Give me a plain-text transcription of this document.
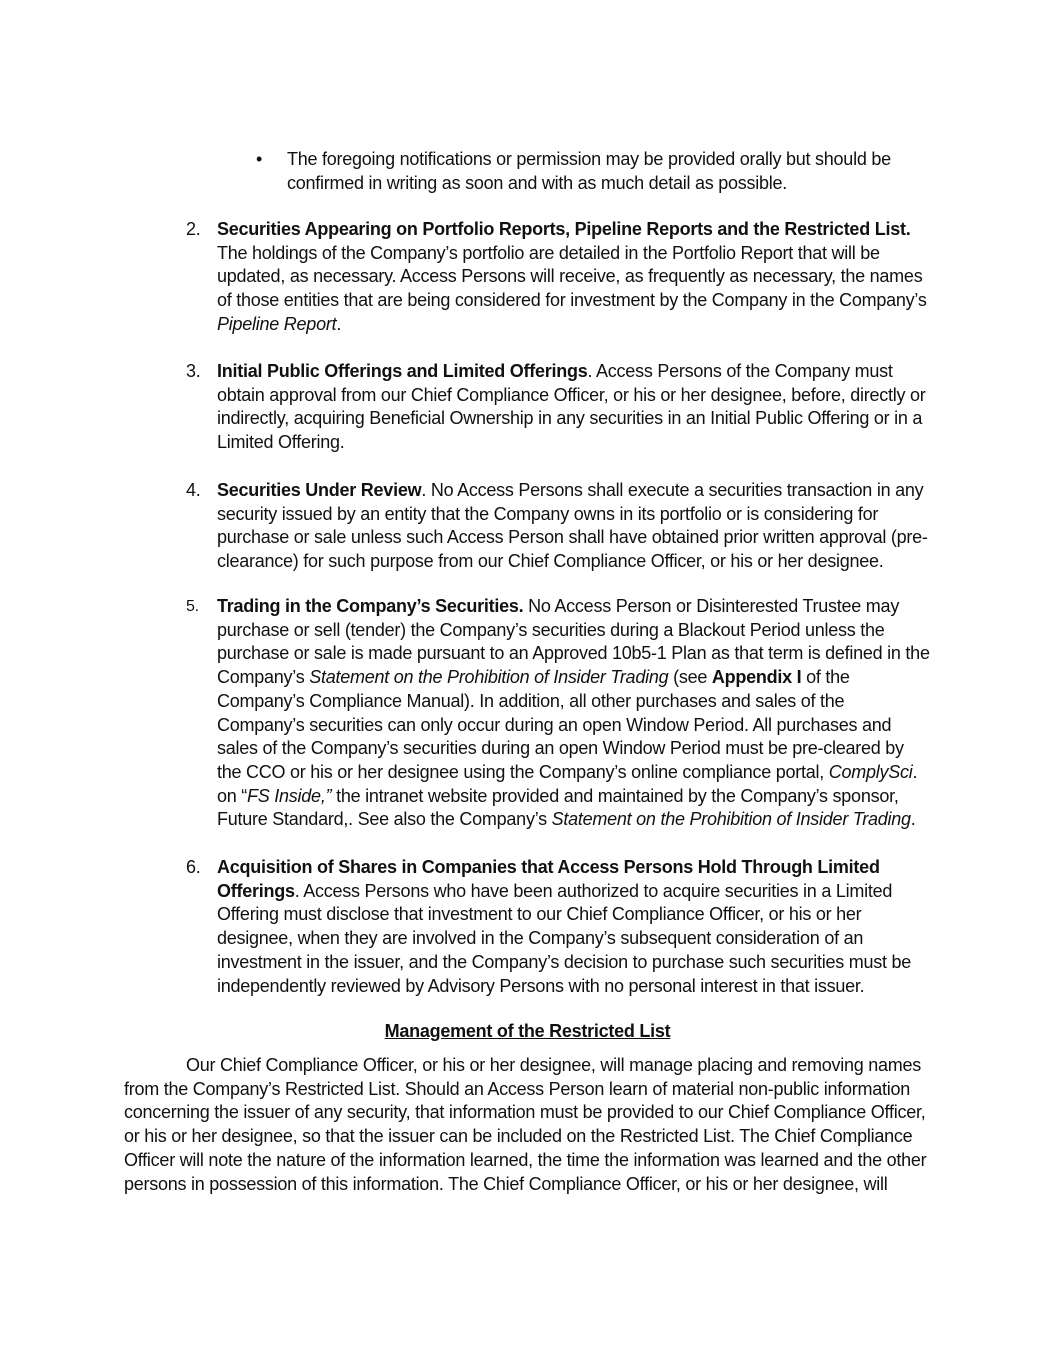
•	The foregoing notifications or permission may be provided orally but should be confirmed in writing as soon and with as much detail as possible.
2. Securities Appearing on Portfolio Reports, Pipeline Reports and the Restricted List. The holdings of the Company’s portfolio are detailed in the Portfolio Report that will be updated, as necessary. Access Persons will receive, as frequently as necessary, the names of those entities that are being considered for investment by the Company in the Company’s Pipeline Report.
3. Initial Public Offerings and Limited Offerings. Access Persons of the Company must obtain approval from our Chief Compliance Officer, or his or her designee, before, directly or indirectly, acquiring Beneficial Ownership in any securities in an Initial Public Offering or in a Limited Offering.
4. Securities Under Review. No Access Persons shall execute a securities transaction in any security issued by an entity that the Company owns in its portfolio or is considering for purchase or sale unless such Access Person shall have obtained prior written approval (pre-clearance) for such purpose from our Chief Compliance Officer, or his or her designee.
5.	Trading in the Company’s Securities. No Access Person or Disinterested Trustee may purchase or sell (tender) the Company’s securities during a Blackout Period unless the purchase or sale is made pursuant to an Approved 10b5-1 Plan as that term is defined in the Company’s Statement on the Prohibition of Insider Trading (see Appendix I of the Company’s Compliance Manual). In addition, all other purchases and sales of the Company’s securities can only occur during an open Window Period. All purchases and sales of the Company’s securities during an open Window Period must be pre-cleared by the CCO or his or her designee using the Company’s online compliance portal, ComplySci. on “FS Inside,” the intranet website provided and maintained by the Company’s sponsor, Future Standard,. See also the Company’s Statement on the Prohibition of Insider Trading.
6. Acquisition of Shares in Companies that Access Persons Hold Through Limited Offerings. Access Persons who have been authorized to acquire securities in a Limited Offering must disclose that investment to our Chief Compliance Officer, or his or her designee, when they are involved in the Company’s subsequent consideration of an investment in the issuer, and the Company’s decision to purchase such securities must be independently reviewed by Advisory Persons with no personal interest in that issuer.
Management of the Restricted List
Our Chief Compliance Officer, or his or her designee, will manage placing and removing names from the Company’s Restricted List. Should an Access Person learn of material non-public information concerning the issuer of any security, that information must be provided to our Chief Compliance Officer, or his or her designee, so that the issuer can be included on the Restricted List. The Chief Compliance Officer will note the nature of the information learned, the time the information was learned and the other persons in possession of this information. The Chief Compliance Officer, or his or her designee, will
